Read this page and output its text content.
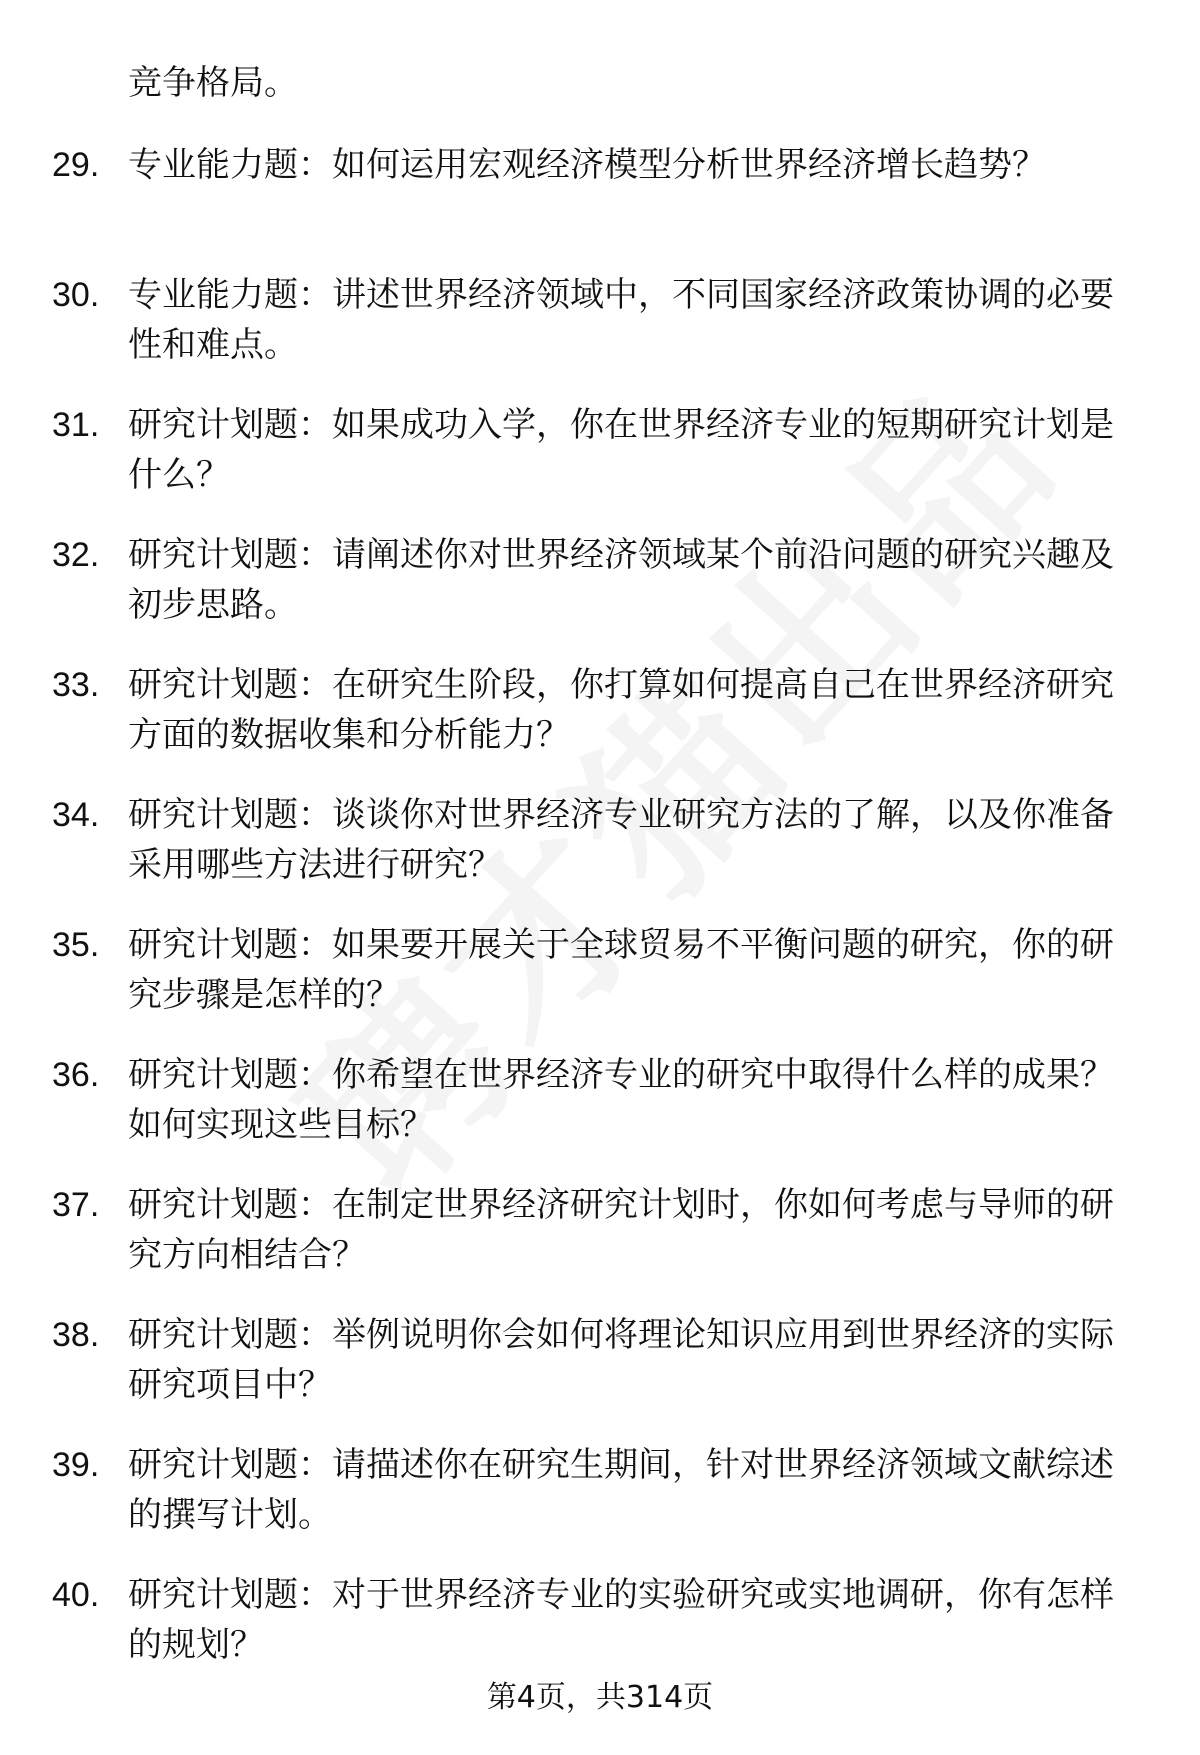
竞争格局。
29. 专业能力题：如何运用宏观经济模型分析世界经济增长趋势？
30. 专业能力题：讲述世界经济领域中，不同国家经济政策协调的必要性和难点。
31. 研究计划题：如果成功入学，你在世界经济专业的短期研究计划是什么？
32. 研究计划题：请阐述你对世界经济领域某个前沿问题的研究兴趣及初步思路。
33. 研究计划题：在研究生阶段，你打算如何提高自己在世界经济研究方面的数据收集和分析能力？
34. 研究计划题：谈谈你对世界经济专业研究方法的了解，以及你准备采用哪些方法进行研究？
35. 研究计划题：如果要开展关于全球贸易不平衡问题的研究，你的研究步骤是怎样的？
36. 研究计划题：你希望在世界经济专业的研究中取得什么样的成果？如何实现这些目标？
37. 研究计划题：在制定世界经济研究计划时，你如何考虑与导师的研究方向相结合？
38. 研究计划题：举例说明你会如何将理论知识应用到世界经济的实际研究项目中？
39. 研究计划题：请描述你在研究生期间，针对世界经济领域文献综述的撰写计划。
40. 研究计划题：对于世界经济专业的实验研究或实地调研，你有怎样的规划？
第4页，共314页
